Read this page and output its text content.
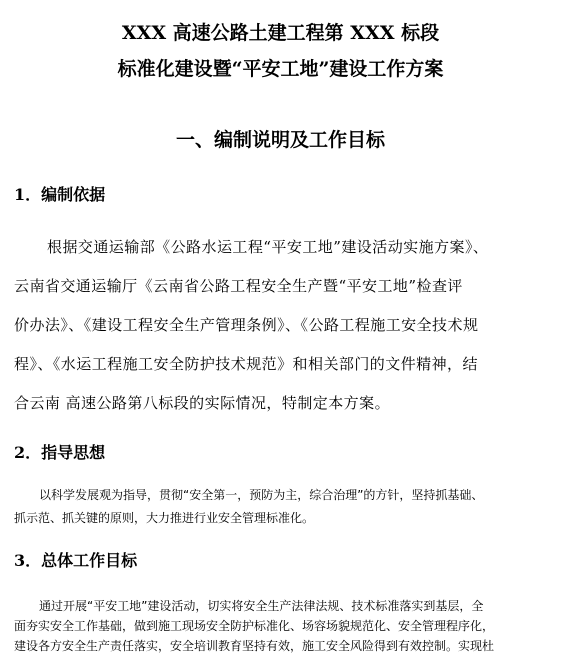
XXX 高速公路土建工程第 XXX 标段
标准化建设暨“平安工地”建设工作方案
一、编制说明及工作目标
1．编制依据
根据交通运输部《公路水运工程“平安工地”建设活动实施方案》、
云南省交通运输厅《云南省公路工程安全生产暨“平安工地”检查评
价办法》、《建设工程安全生产管理条例》、《公路工程施工安全技术规
程》、《水运工程施工安全防护技术规范》和相关部门的文件精神，结
合云南 高速公路第八标段的实际情况，特制定本方案。
2．指导思想
以科学发展观为指导，贯彻“安全第一，预防为主，综合治理”的方针，坚持抓基础、
抓示范、抓关键的原则，大力推进行业安全管理标准化。
3．总体工作目标
通过开展“平安工地”建设活动，切实将安全生产法律法规、技术标准落实到基层，全
面夯实安全工作基础，做到施工现场安全防护标准化、场容场貌规范化、安全管理程序化，
建设各方安全生产责任落实，安全培训教育坚持有效，施工安全风险得到有效控制。实现杜
